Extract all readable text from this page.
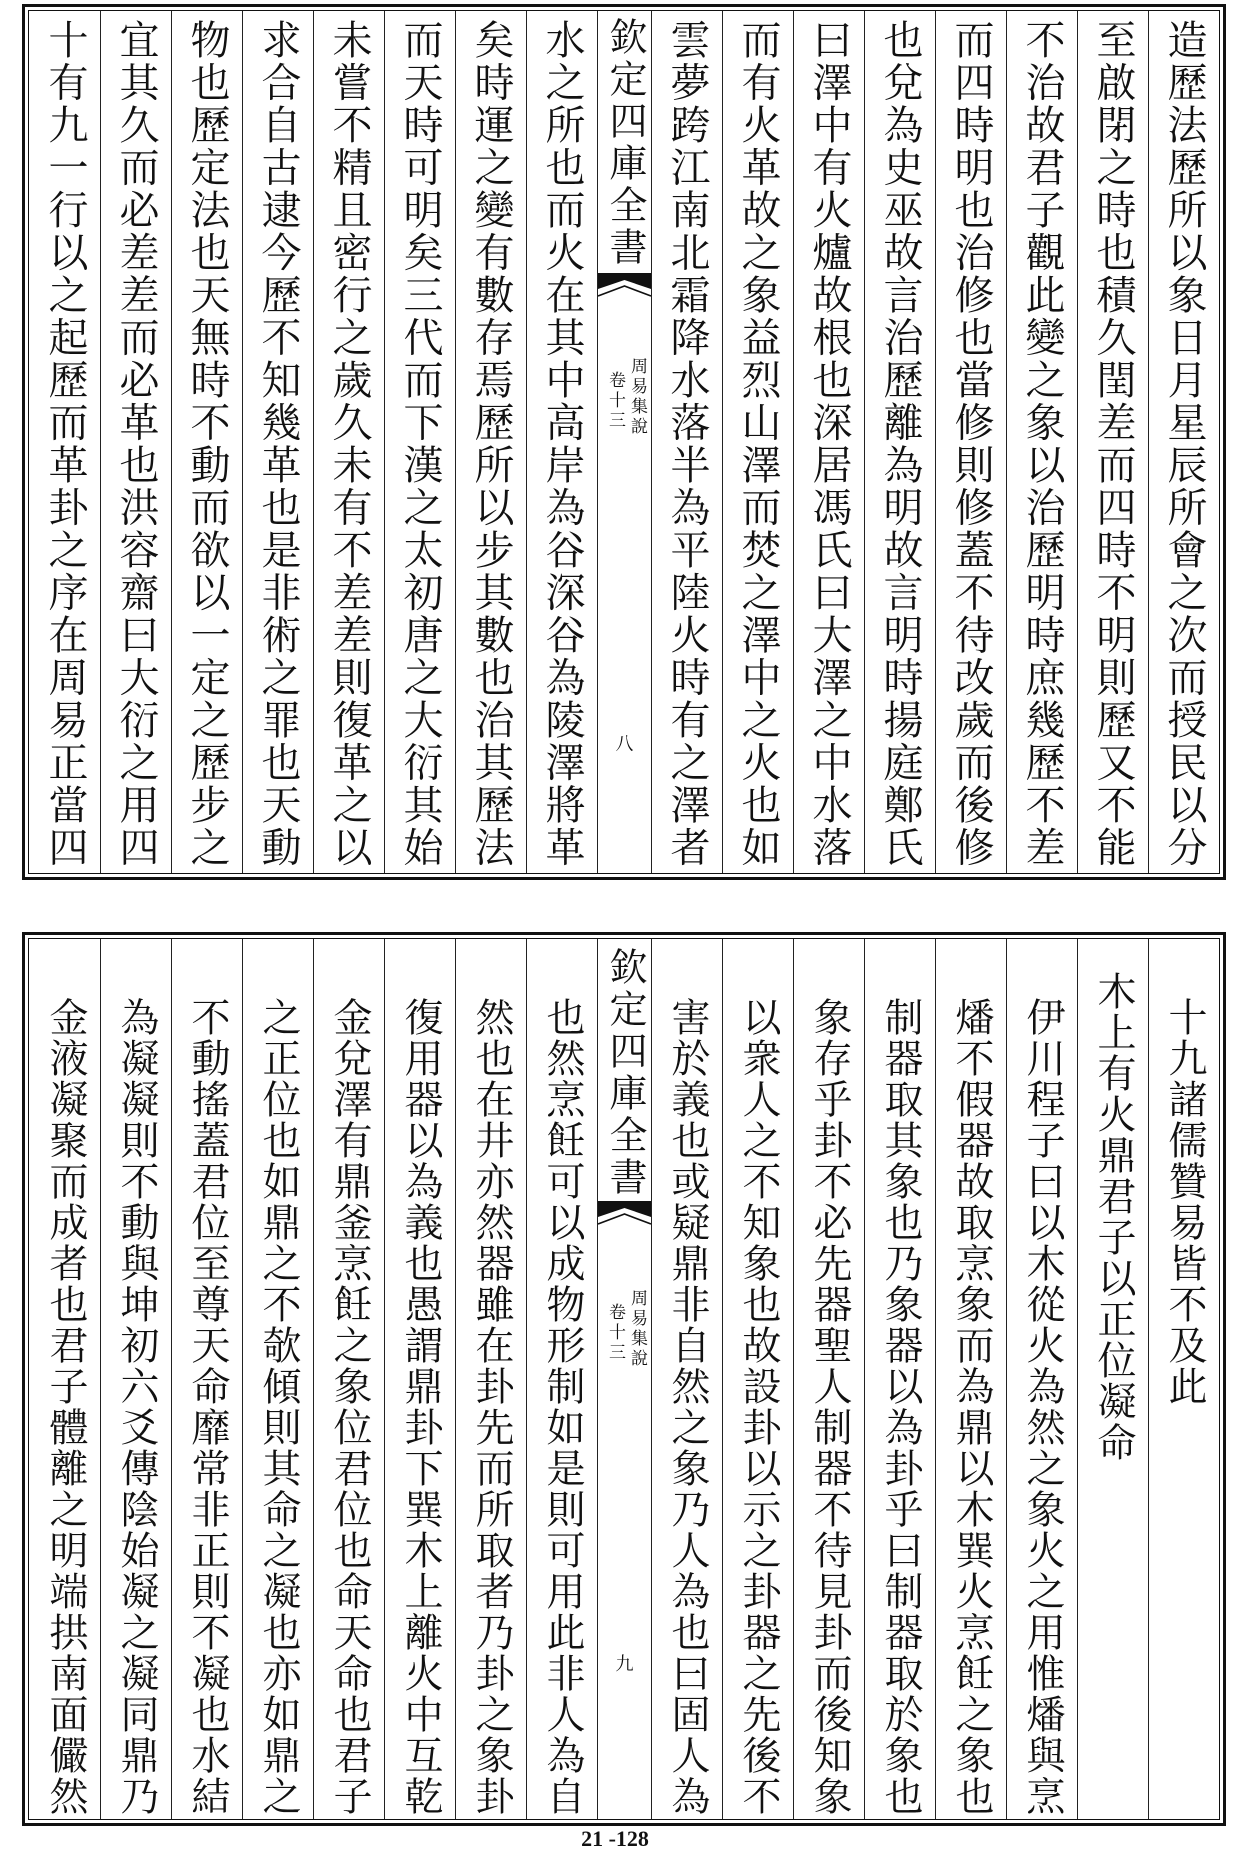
造歷法歷所以象日月星辰所會之次而授民以分
至啟閉之時也積久閏差而四時不明則歷又不能
不治故君子觀此變之象以治歷明時庶幾歷不差
而四時明也治修也當修則修蓋不待改歲而後修
也兌為史巫故言治歷離為明故言明時揚庭鄭氏
曰澤中有火爐故根也深居馮氏曰大澤之中水落
而有火革故之象益烈山澤而焚之澤中之火也如
雲夢跨江南北霜降水落半為平陸火時有之澤者
欽定四庫全書
周易集說
卷十三
八
水之所也而火在其中高岸為谷深谷為陵澤將革
矣時運之變有數存焉歷所以步其數也治其歷法
而天時可明矣三代而下漢之太初唐之大衍其始
未嘗不精且密行之歲久未有不差差則復革之以
求合自古逮今歷不知幾革也是非術之罪也天動
物也歷定法也天無時不動而欲以一定之歷步之
宜其久而必差差而必革也洪容齋曰大衍之用四
十有九一行以之起歷而革卦之序在周易正當四
十九諸儒贊易皆不及此
木上有火鼎君子以正位凝命
伊川程子曰以木從火為然之象火之用惟燔與烹
燔不假器故取烹象而為鼎以木巽火烹飪之象也
制器取其象也乃象器以為卦乎曰制器取於象也
象存乎卦不必先器聖人制器不待見卦而後知象
以衆人之不知象也故設卦以示之卦器之先後不
害於義也或疑鼎非自然之象乃人為也曰固人為
欽定四庫全書
周易集說
卷十三
九
也然烹飪可以成物形制如是則可用此非人為自
然也在井亦然器雖在卦先而所取者乃卦之象卦
復用器以為義也愚謂鼎卦下巽木上離火中互乾
金兌澤有鼎釜烹飪之象位君位也命天命也君子
之正位也如鼎之不欹傾則其命之凝也亦如鼎之
不動搖蓋君位至尊天命靡常非正則不凝也水結
為凝凝則不動與坤初六爻傳陰始凝之凝同鼎乃
金液凝聚而成者也君子體離之明端拱南面儼然
21 -128
